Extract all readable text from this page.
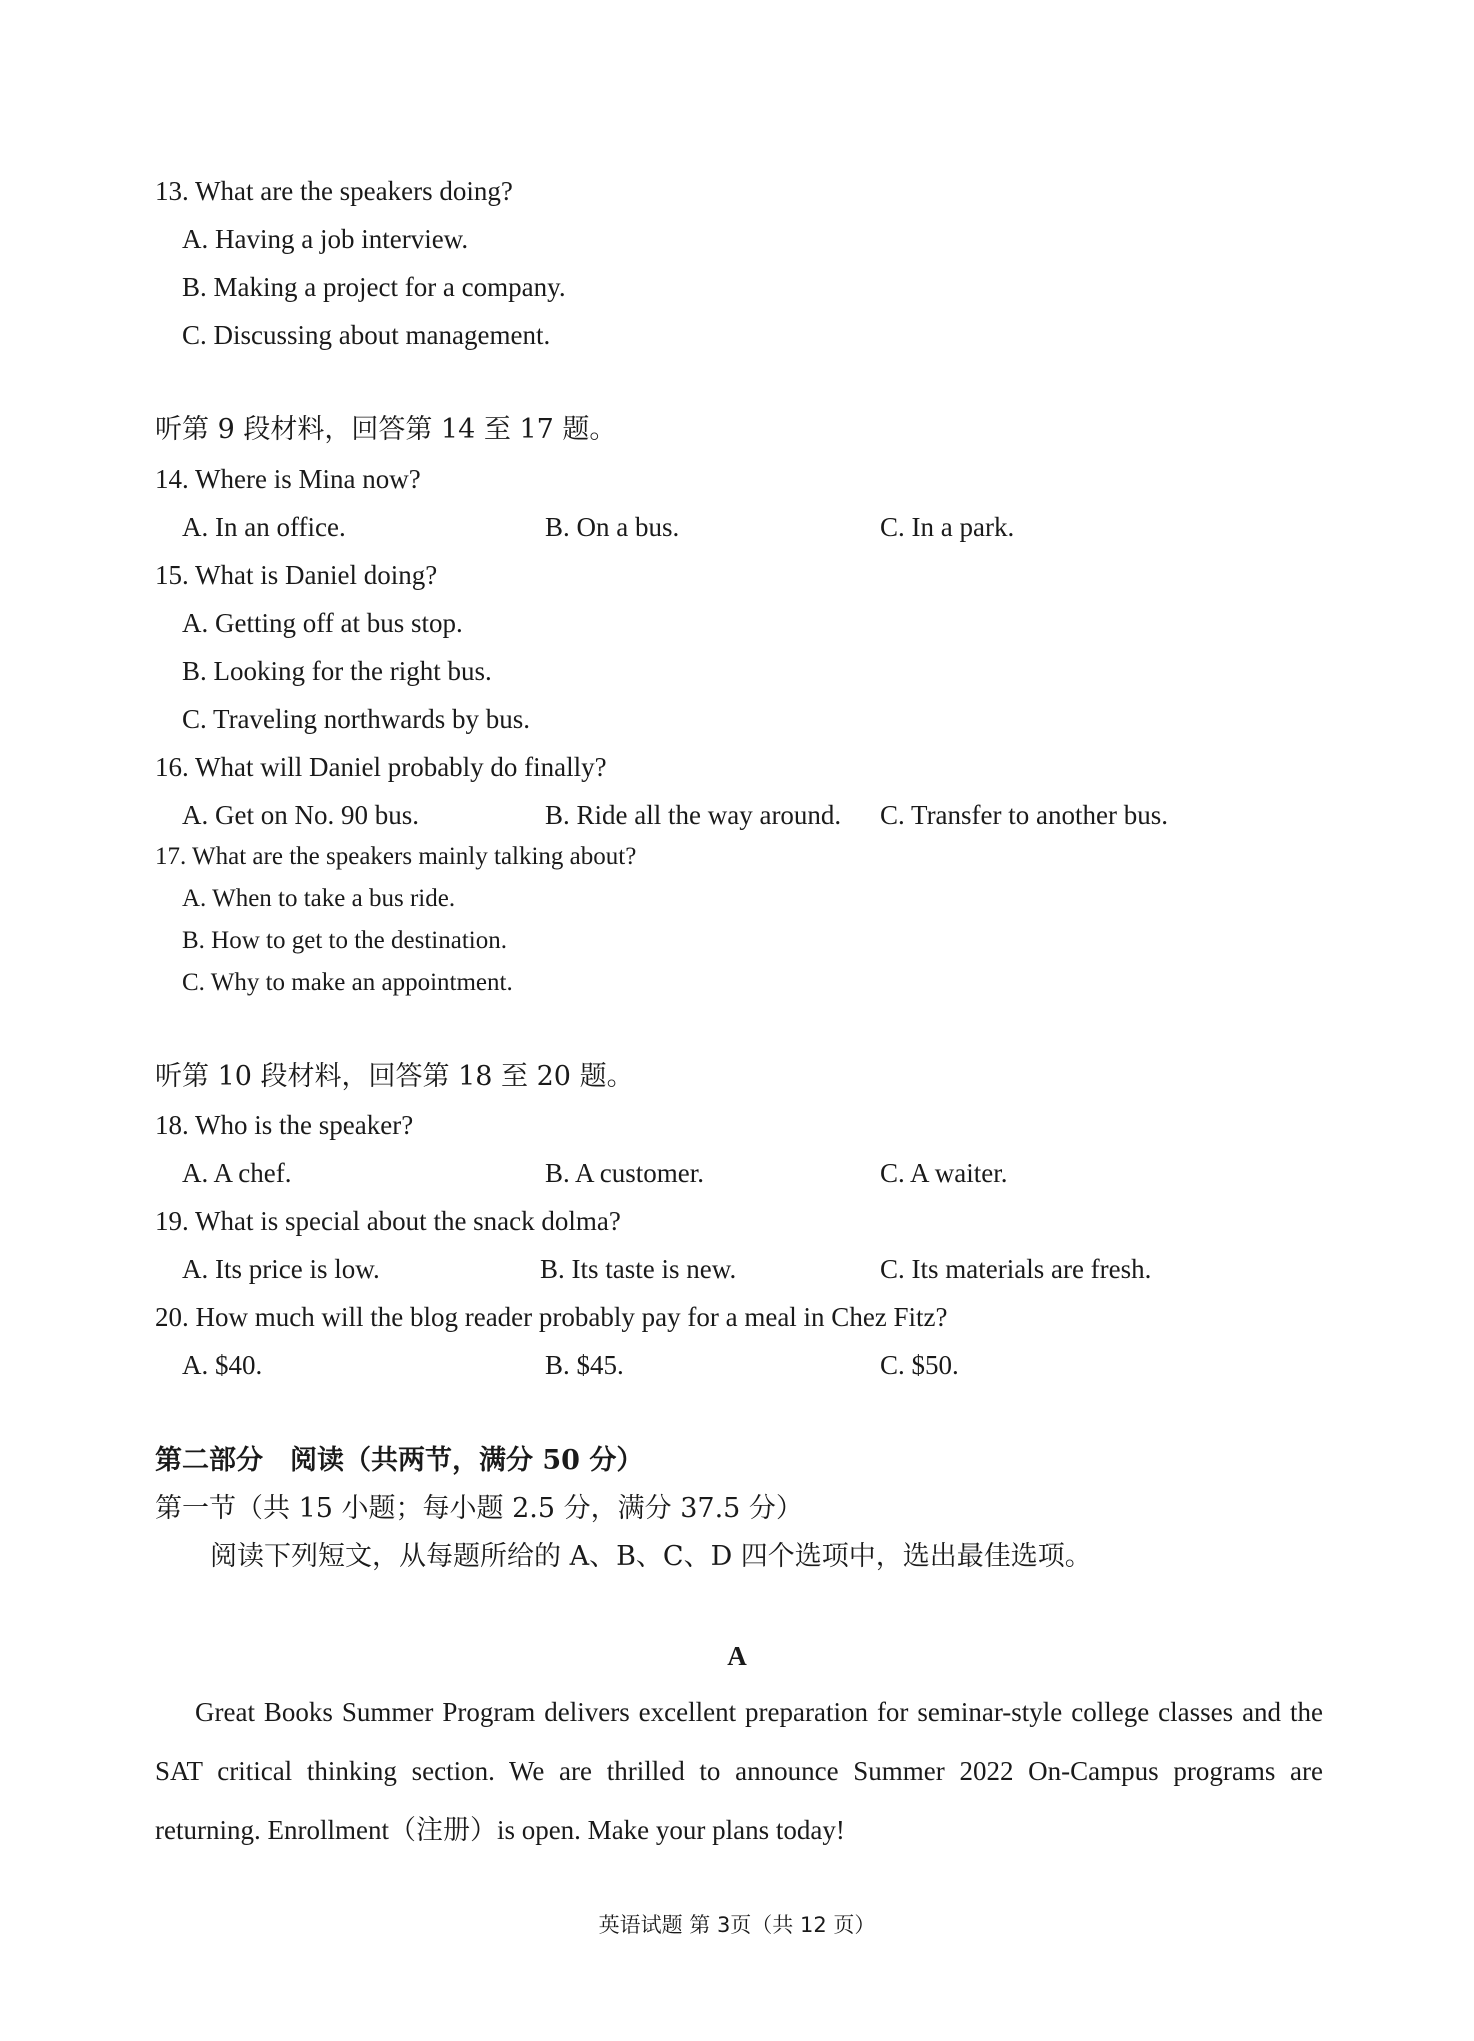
13. What are the speakers doing?
A. Having a job interview.
B. Making a project for a company.
C. Discussing about management.
听第 9 段材料，回答第 14 至 17 题。
14. Where is Mina now?
A. In an office.	B. On a bus.	C. In a park.
15. What is Daniel doing?
A. Getting off at bus stop.
B. Looking for the right bus.
C. Traveling northwards by bus.
16. What will Daniel probably do finally?
A. Get on No. 90 bus.	B. Ride all the way around. C. Transfer to another bus.
17. What are the speakers mainly talking about?
A. When to take a bus ride.
B. How to get to the destination.
C. Why to make an appointment.
听第 10 段材料，回答第 18 至 20 题。
18. Who is the speaker?
A. A chef.	B. A customer.	C. A waiter.
19. What is special about the snack dolma?
A. Its price is low.	B. Its taste is new.	C. Its materials are fresh.
20. How much will the blog reader probably pay for a meal in Chez Fitz?
A. $40.	B. $45.	C. $50.
第二部分　阅读（共两节，满分 50 分）
第一节（共 15 小题；每小题 2.5 分，满分 37.5 分）
阅读下列短文，从每题所给的 A、B、C、D 四个选项中，选出最佳选项。
A
Great Books Summer Program delivers excellent preparation for seminar-style college classes and the SAT critical thinking section. We are thrilled to announce Summer 2022 On-Campus programs are returning. Enrollment（注册）is open. Make your plans today!
英语试题 第 3页（共 12 页）
